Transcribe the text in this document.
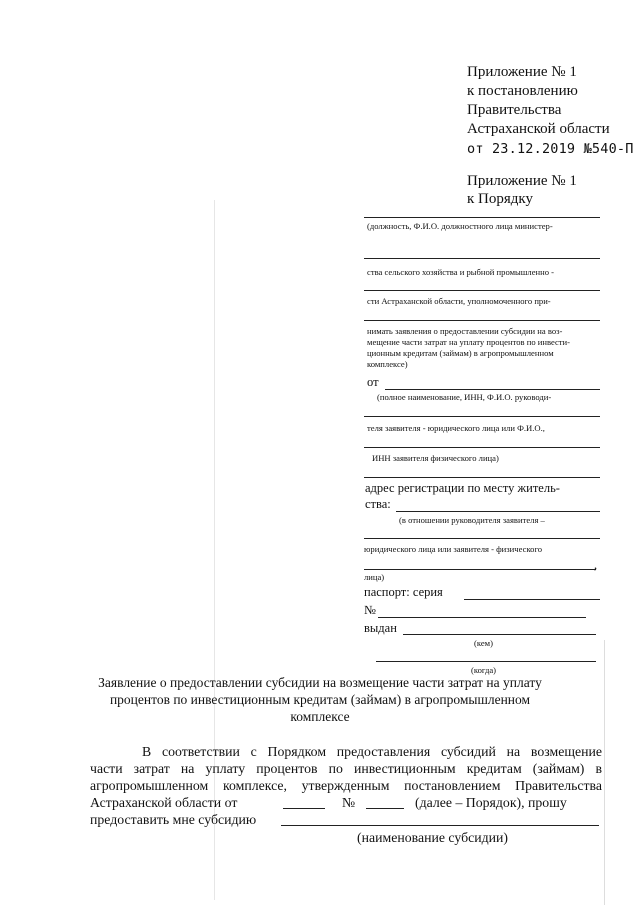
Приложение № 1
к постановлению
Правительства
Астраханской области
от 23.12.2019 №540-П
Приложение № 1
к Порядку
(должность, Ф.И.О. должностного лица министер-
ства сельского хозяйства и рыбной промышленно -
сти Астраханской области, уполномоченного при-
нимать заявления о предоставлении субсидии на воз-
мещение части затрат на уплату процентов по инвести-
ционным кредитам (займам) в агропромышленном
комплексе)
от
(полное наименование, ИНН, Ф.И.О. руководи-
теля заявителя - юридического лица или Ф.И.О.,
ИНН заявителя физического лица)
адрес регистрации по месту житель-
ства:
(в отношении руководителя заявителя –
юридического лица или заявителя - физического
,
лица)
паспорт: серия
№
выдан
(кем)
(когда)
Заявление о предоставлении субсидии на возмещение части затрат на уплату
процентов по инвестиционным кредитам (займам) в агропромышленном
комплексе
В соответствии с Порядком предоставления субсидий на возмещение
части затрат на уплату процентов по инвестиционным кредитам (займам) в
агропромышленном комплексе, утвержденным постановлением Правительства
Астраханской области от	№	(далее – Порядок), прошу
предоставить мне субсидию
(наименование субсидии)
